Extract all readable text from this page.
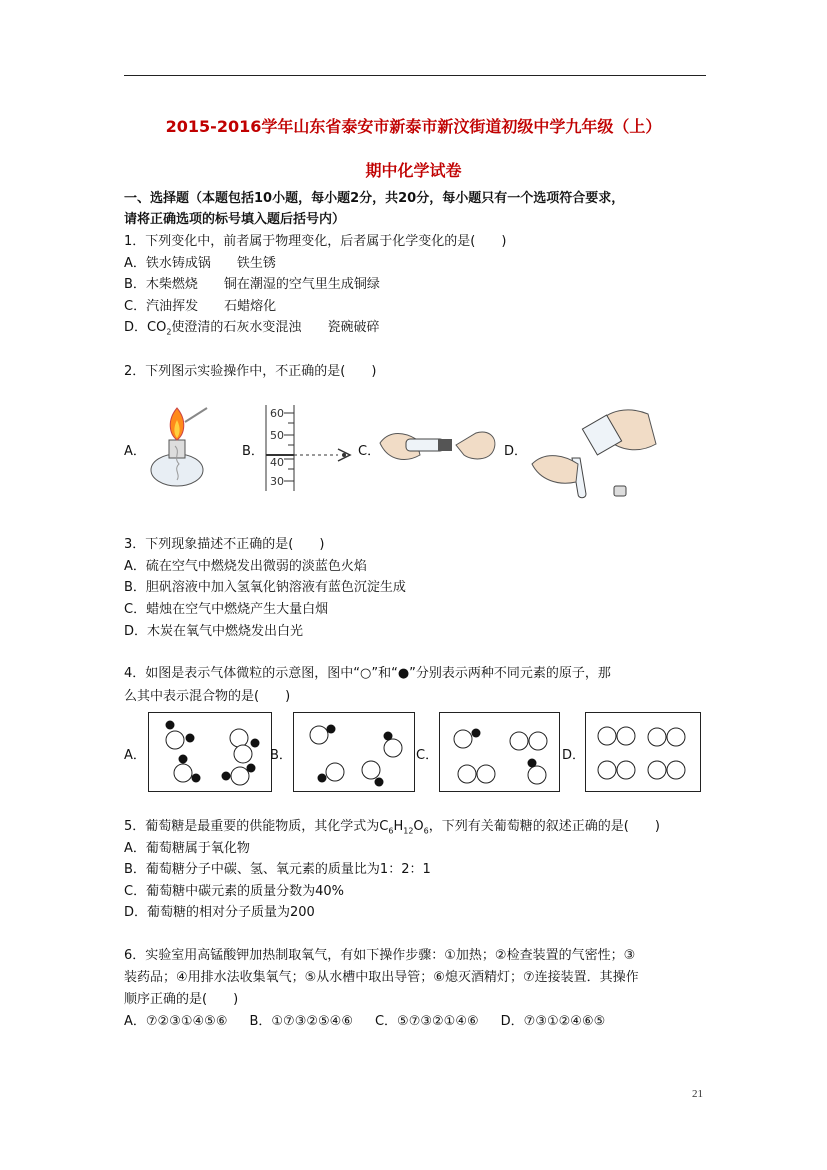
2015-2016学年山东省泰安市新泰市新汶街道初级中学九年级（上）
期中化学试卷
一、选择题（本题包括10小题，每小题2分，共20分，每小题只有一个选项符合要求，
请将正确选项的标号填入题后括号内）
1．下列变化中，前者属于物理变化，后者属于化学变化的是(　　)
A．铁水铸成锅 铁生锈
B．木柴燃烧 铜在潮湿的空气里生成铜绿
C．汽油挥发 石蜡熔化
D．$CO_2$使澄清的石灰水变混浊 瓷碗破碎
2．下列图示实验操作中，不正确的是(　　)
A．	B．
60
50
40
30
C．	D．
3．下列现象描述不正确的是(　　)
A．硫在空气中燃烧发出微弱的淡蓝色火焰
B．胆矾溶液中加入氢氧化钠溶液有蓝色沉淀生成
C．蜡烛在空气中燃烧产生大量白烟
D．木炭在氧气中燃烧发出白光
4．如图是表示气体微粒的示意图，图中“○”和“●”分别表示两种不同元素的原子，那
么其中表示混合物的是(　　)
A．	B．	C．	D．
5．葡萄糖是最重要的供能物质，其化学式为$C_6H_{12}O_6$，下列有关葡萄糖的叙述正确的是(　　)
A．葡萄糖属于氧化物
B．葡萄糖分子中碳、氢、氧元素的质量比为1：2：1
C．葡萄糖中碳元素的质量分数为40%
D．葡萄糖的相对分子质量为200
6．实验室用高锰酸钾加热制取氧气，有如下操作步骤：①加热；②检查装置的气密性；③
装药品；④用排水法收集氧气；⑤从水槽中取出导管；⑥熄灭酒精灯；⑦连接装置．其操作
顺序正确的是(　　)
A．⑦②③①④⑤⑥ B．①⑦③②⑤④⑥ C．⑤⑦③②①④⑥ D．⑦③①②④⑥⑤
21
